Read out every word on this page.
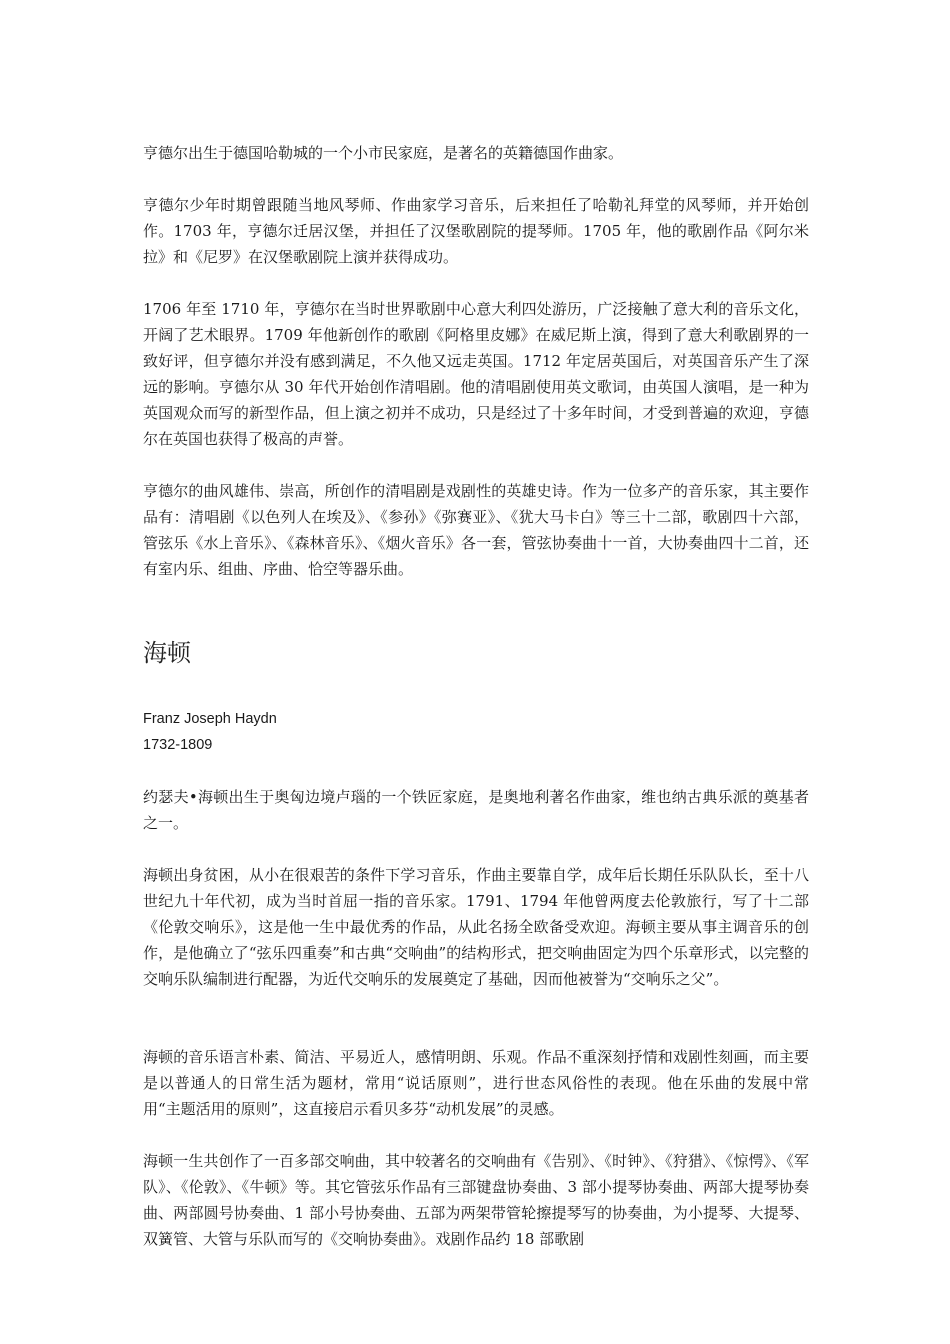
亨德尔出生于德国哈勒城的一个小市民家庭，是著名的英籍德国作曲家。

亨德尔少年时期曾跟随当地风琴师、作曲家学习音乐，后来担任了哈勒礼拜堂的风琴师，并开始创作。1703 年，亨德尔迁居汉堡，并担任了汉堡歌剧院的提琴师。1705 年，他的歌剧作品《阿尔米拉》和《尼罗》在汉堡歌剧院上演并获得成功。

1706 年至 1710 年，亨德尔在当时世界歌剧中心意大利四处游历，广泛接触了意大利的音乐文化，开阔了艺术眼界。1709 年他新创作的歌剧《阿格里皮娜》在威尼斯上演，得到了意大利歌剧界的一致好评，但亨德尔并没有感到满足，不久他又远走英国。1712 年定居英国后，对英国音乐产生了深远的影响。亨德尔从 30 年代开始创作清唱剧。他的清唱剧使用英文歌词，由英国人演唱，是一种为英国观众而写的新型作品，但上演之初并不成功，只是经过了十多年时间，才受到普遍的欢迎，亨德尔在英国也获得了极高的声誉。

亨德尔的曲风雄伟、崇高，所创作的清唱剧是戏剧性的英雄史诗。作为一位多产的音乐家，其主要作品有：清唱剧《以色列人在埃及》、《参孙》《弥赛亚》、《犹大马卡白》等三十二部，歌剧四十六部，管弦乐《水上音乐》、《森林音乐》、《烟火音乐》各一套，管弦协奏曲十一首，大协奏曲四十二首，还有室内乐、组曲、序曲、恰空等器乐曲。

海顿

Franz Joseph Haydn

1732-1809

约瑟夫•海顿出生于奥匈边境卢瑙的一个铁匠家庭，是奥地利著名作曲家，维也纳古典乐派的奠基者之一。

海顿出身贫困，从小在很艰苦的条件下学习音乐，作曲主要靠自学，成年后长期任乐队队长，至十八世纪九十年代初，成为当时首屈一指的音乐家。1791、1794 年他曾两度去伦敦旅行，写了十二部《伦敦交响乐》，这是他一生中最优秀的作品，从此名扬全欧备受欢迎。海顿主要从事主调音乐的创作，是他确立了“弦乐四重奏”和古典“交响曲”的结构形式，把交响曲固定为四个乐章形式，以完整的交响乐队编制进行配器，为近代交响乐的发展奠定了基础，因而他被誉为“交响乐之父”。

海顿的音乐语言朴素、简洁、平易近人，感情明朗、乐观。作品不重深刻抒情和戏剧性刻画，而主要是以普通人的日常生活为题材，常用“说话原则”，进行世态风俗性的表现。他在乐曲的发展中常用“主题活用的原则”，这直接启示看贝多芬“动机发展”的灵感。

海顿一生共创作了一百多部交响曲，其中较著名的交响曲有《告别》、《时钟》、《狩猎》、《惊愕》、《军队》、《伦敦》、《牛顿》等。其它管弦乐作品有三部键盘协奏曲、3 部小提琴协奏曲、两部大提琴协奏曲、两部圆号协奏曲、1 部小号协奏曲、五部为两架带管轮擦提琴写的协奏曲，为小提琴、大提琴、双簧管、大管与乐队而写的《交响协奏曲》。戏剧作品约 18 部歌剧
